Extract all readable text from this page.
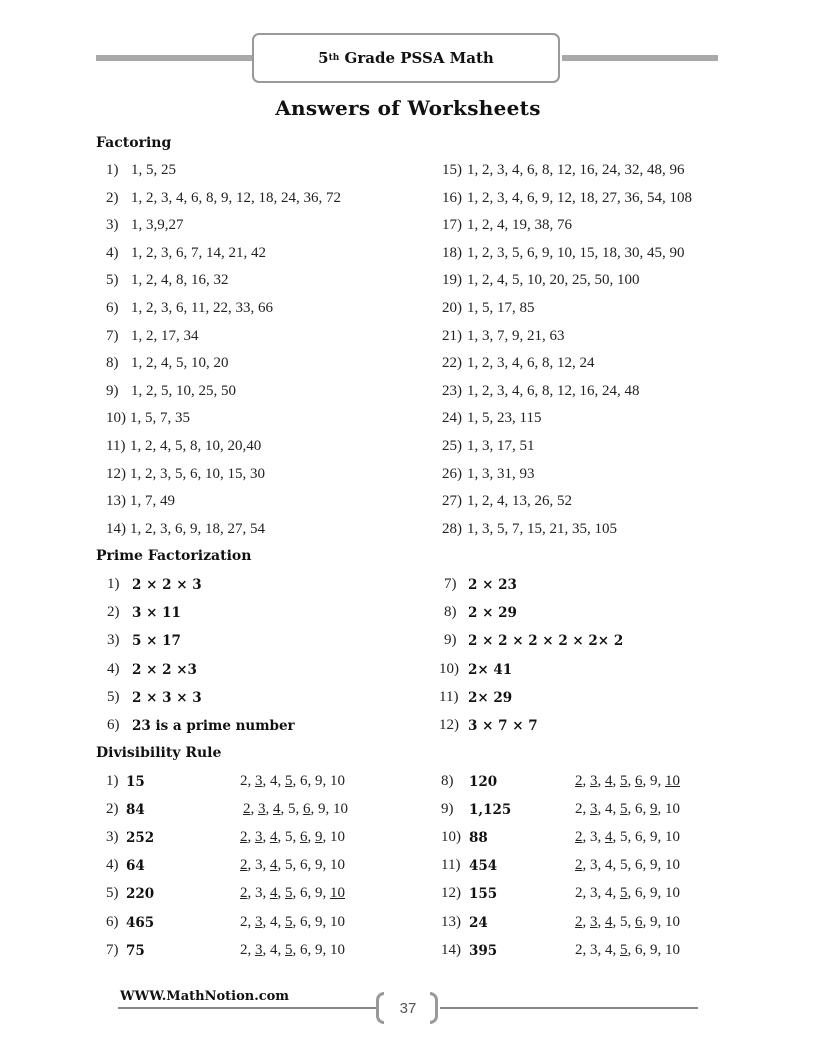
5 th Grade PSSA Math
Answers of Worksheets
Factoring
1) 1, 5, 25
2) 1, 2, 3, 4, 6, 8, 9, 12, 18, 24, 36, 72
3) 1, 3,9,27
4) 1, 2, 3, 6, 7, 14, 21, 42
5) 1, 2, 4, 8, 16, 32
6) 1, 2, 3, 6, 11, 22, 33, 66
7) 1, 2, 17, 34
8) 1, 2, 4, 5, 10, 20
9) 1, 2, 5, 10, 25, 50
10) 1, 5, 7, 35
11) 1, 2, 4, 5, 8, 10, 20,40
12) 1, 2, 3, 5, 6, 10, 15, 30
13) 1, 7, 49
14) 1, 2, 3, 6, 9, 18, 27, 54
15) 1, 2, 3, 4, 6, 8, 12, 16, 24, 32, 48, 96
16) 1, 2, 3, 4, 6, 9, 12, 18, 27, 36, 54, 108
17) 1, 2, 4, 19, 38, 76
18) 1, 2, 3, 5, 6, 9, 10, 15, 18, 30, 45, 90
19) 1, 2, 4, 5, 10, 20, 25, 50, 100
20) 1, 5, 17, 85
21) 1, 3, 7, 9, 21, 63
22) 1, 2, 3, 4, 6, 8, 12, 24
23) 1, 2, 3, 4, 6, 8, 12, 16, 24, 48
24) 1, 5, 23, 115
25) 1, 3, 17, 51
26) 1, 3, 31, 93
27) 1, 2, 4, 13, 26, 52
28) 1, 3, 5, 7, 15, 21, 35, 105
Prime Factorization
1) 2 × 2 × 3
2) 3 × 11
3) 5 × 17
4) 2 × 2 ×3
5) 2 × 3 × 3
6) 23 is a prime number
7) 2 × 23
8) 2 × 29
9) 2 × 2 × 2 × 2 × 2× 2
10) 2× 41
11) 2× 29
12) 3 × 7 × 7
Divisibility Rule
1) 15	2, 3, 4, 5, 6, 9, 10
2) 84	2, 3, 4, 5, 6, 9, 10
3) 252	2, 3, 4, 5, 6, 9, 10
4) 64	2, 3, 4, 5, 6, 9, 10
5) 220	2, 3, 4, 5, 6, 9, 10
6) 465	2, 3, 4, 5, 6, 9, 10
7) 75	2, 3, 4, 5, 6, 9, 10
8) 120	2, 3, 4, 5, 6, 9, 10
9) 1,125	2, 3, 4, 5, 6, 9, 10
10) 88	2, 3, 4, 5, 6, 9, 10
11) 454	2, 3, 4, 5, 6, 9, 10
12) 155	2, 3, 4, 5, 6, 9, 10
13) 24	2, 3, 4, 5, 6, 9, 10
14) 395	2, 3, 4, 5, 6, 9, 10
WWW.MathNotion.com
37
